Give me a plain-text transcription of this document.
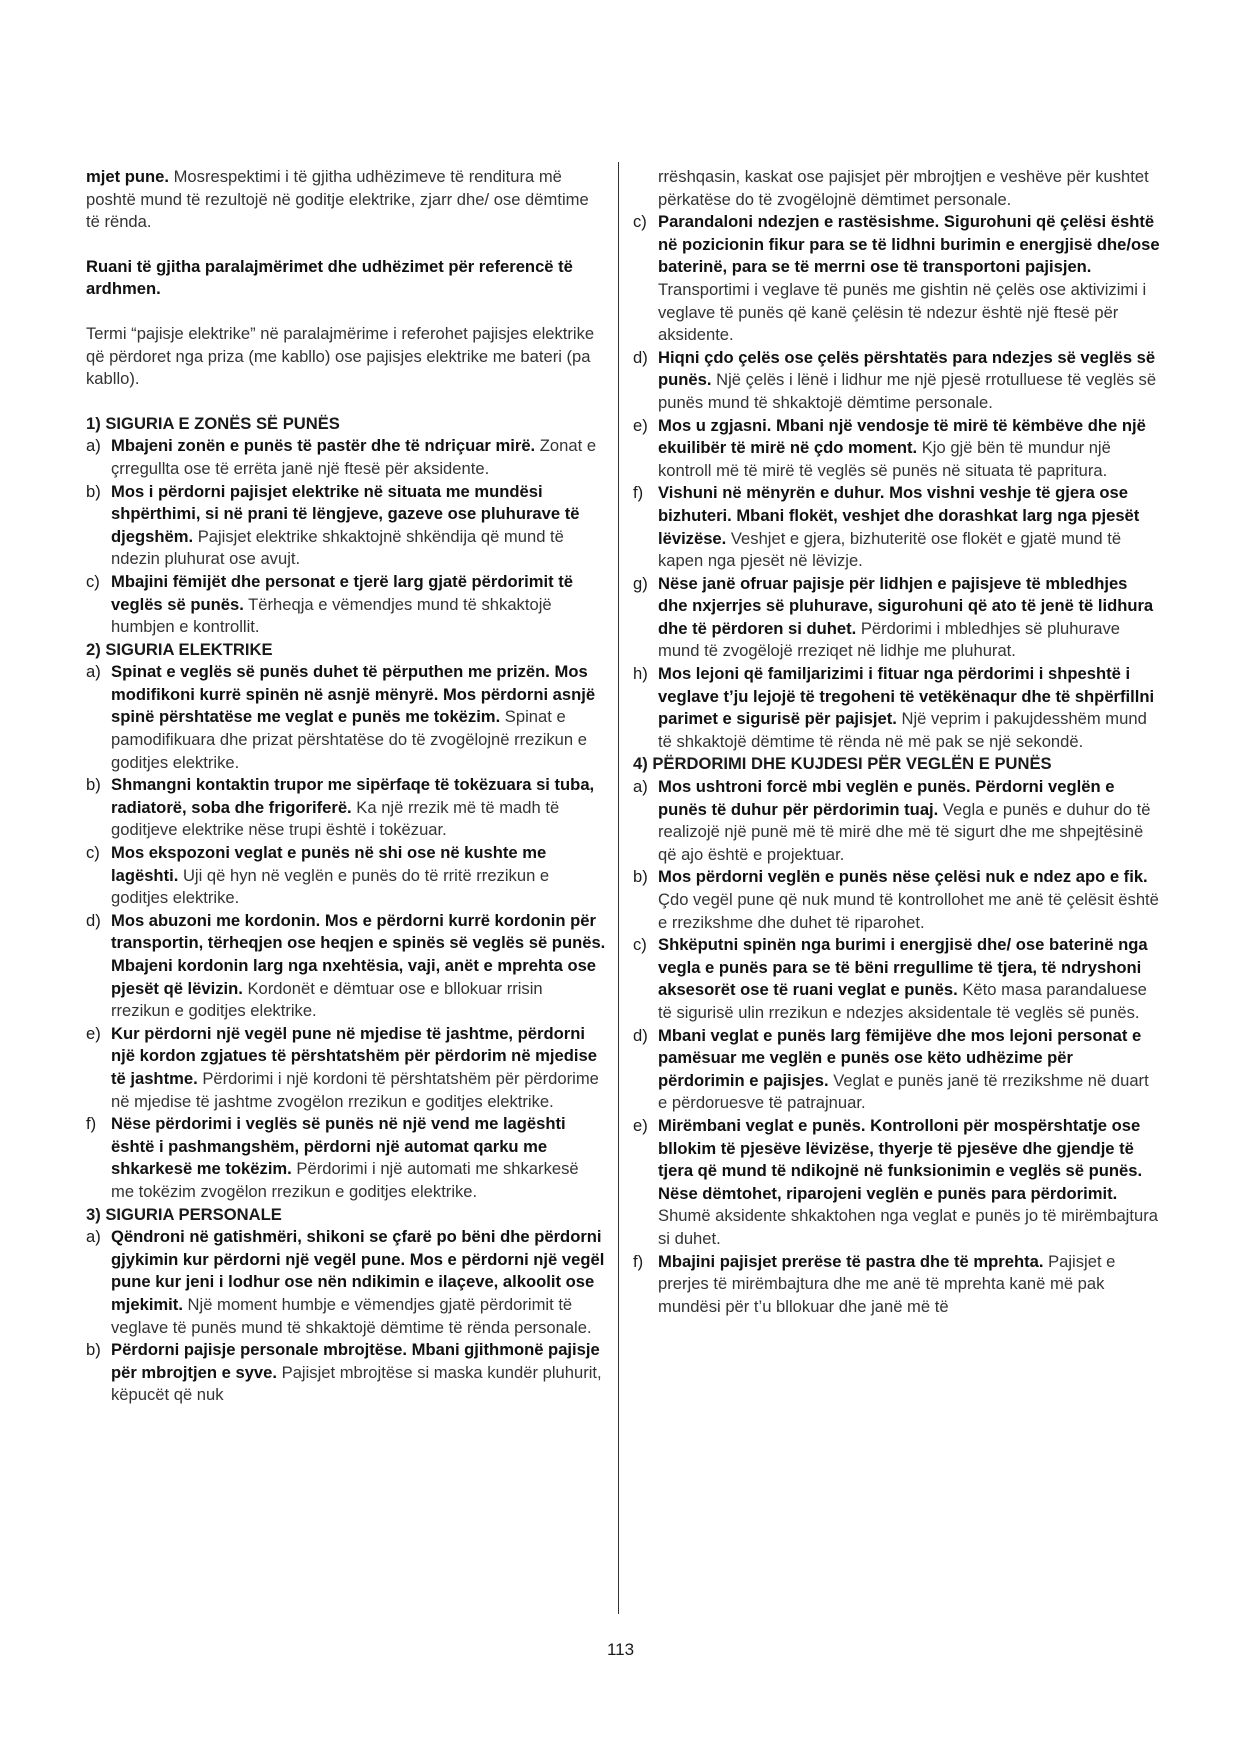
mjet pune. Mosrespektimi i të gjitha udhëzimeve të renditura më poshtë mund të rezultojë në goditje elektrike, zjarr dhe/ ose dëmtime të rënda.

Ruani të gjitha paralajmërimet dhe udhëzimet për referencë të ardhmen.

Termi “pajisje elektrike” në paralajmërime i referohet pajisjes elektrike që përdoret nga priza (me kabllo) ose pajisjes elektrike me bateri (pa kabllo).

1) SIGURIA E ZONËS SË PUNËS

a) Mbajeni zonën e punës të pastër dhe të ndriçuar mirë. Zonat e çrregullta ose të errëta janë një ftesë për aksidente.
b) Mos i përdorni pajisjet elektrike në situata me mundësi shpërthimi, si në prani të lëngjeve, gazeve ose pluhurave të djegshëm. Pajisjet elektrike shkaktojnë shkëndija që mund të ndezin pluhurat ose avujt.
c) Mbajini fëmijët dhe personat e tjerë larg gjatë përdorimit të veglës së punës. Tërheqja e vëmendjes mund të shkaktojë humbjen e kontrollit.

2) SIGURIA ELEKTRIKE

a) Spinat e veglës së punës duhet të përputhen me prizën. Mos modifikoni kurrë spinën në asnjë mënyrë. Mos përdorni asnjë spinë përshtatëse me veglat e punës me tokëzim. Spinat e pamodifikuara dhe prizat përshtatëse do të zvogëlojnë rrezikun e goditjes elektrike.
b) Shmangni kontaktin trupor me sipërfaqe të tokëzuara si tuba, radiatorë, soba dhe frigoriferë. Ka një rrezik më të madh të goditjeve elektrike nëse trupi është i tokëzuar.
c) Mos ekspozoni veglat e punës në shi ose në kushte me lagështi. Uji që hyn në veglën e punës do të rritë rrezikun e goditjes elektrike.
d) Mos abuzoni me kordonin. Mos e përdorni kurrë kordonin për transportin, tërheqjen ose heqjen e spinës së veglës së punës. Mbajeni kordonin larg nga nxehtësia, vaji, anët e mprehta ose pjesët që lëvizin. Kordonët e dëmtuar ose e bllokuar rrisin rrezikun e goditjes elektrike.
e) Kur përdorni një vegël pune në mjedise të jashtme, përdorni një kordon zgjatues të përshtatshëm për përdorim në mjedise të jashtme. Përdorimi i një kordoni të përshtatshëm për përdorime në mjedise të jashtme zvogëlon rrezikun e goditjes elektrike.
f) Nëse përdorimi i veglës së punës në një vend me lagështi është i pashmangshëm, përdorni një automat qarku me shkarkesë me tokëzim. Përdorimi i një automati me shkarkesë me tokëzim zvogëlon rrezikun e goditjes elektrike.

3) SIGURIA PERSONALE

a) Qëndroni në gatishmëri, shikoni se çfarë po bëni dhe përdorni gjykimin kur përdorni një vegël pune. Mos e përdorni një vegël pune kur jeni i lodhur ose nën ndikimin e ilaçeve, alkoolit ose mjekimit. Një moment humbje e vëmendjes gjatë përdorimit të veglave të punës mund të shkaktojë dëmtime të rënda personale.
b) Përdorni pajisje personale mbrojtëse. Mbani gjithmonë pajisje për mbrojtjen e syve. Pajisjet mbrojtëse si maska kundër pluhurit, këpucët që nuk
rrëshqasin, kaskat ose pajisjet për mbrojtjen e veshëve për kushtet përkatëse do të zvogëlojnë dëmtimet personale.
c) Parandaloni ndezjen e rastësishme. Sigurohuni që çelësi është në pozicionin fikur para se të lidhni burimin e energjisë dhe/ose baterinë, para se të merrni ose të transportoni pajisjen. Transportimi i veglave të punës me gishtin në çelës ose aktivizimi i veglave të punës që kanë çelësin të ndezur është një ftesë për aksidente.
d) Hiqni çdo çelës ose çelës përshtatës para ndezjes së veglës së punës. Një çelës i lënë i lidhur me një pjesë rrotulluese të veglës së punës mund të shkaktojë dëmtime personale.
e) Mos u zgjasni. Mbani një vendosje të mirë të këmbëve dhe një ekuilibër të mirë në çdo moment. Kjo gjë bën të mundur një kontroll më të mirë të veglës së punës në situata të papritura.
f) Vishuni në mënyrën e duhur. Mos vishni veshje të gjera ose bizhuteri. Mbani flokët, veshjet dhe dorashkat larg nga pjesët lëvizëse. Veshjet e gjera, bizhuteritë ose flokët e gjatë mund të kapen nga pjesët në lëvizje.
g) Nëse janë ofruar pajisje për lidhjen e pajisjeve të mbledhjes dhe nxjerrjes së pluhurave, sigurohuni që ato të jenë të lidhura dhe të përdoren si duhet. Përdorimi i mbledhjes së pluhurave mund të zvogëlojë rreziqet në lidhje me pluhurat.
h) Mos lejoni që familjarizimi i fituar nga përdorimi i shpeshtë i veglave t’ju lejojë të tregoheni të vetëkënaqur dhe të shpërfillni parimet e sigurisë për pajisjet. Një veprim i pakujdesshëm mund të shkaktojë dëmtime të rënda në më pak se një sekondë.

4) PËRDORIMI DHE KUJDESI PËR VEGLËN E PUNËS

a) Mos ushtroni forcë mbi veglën e punës. Përdorni veglën e punës të duhur për përdorimin tuaj. Vegla e punës e duhur do të realizojë një punë më të mirë dhe më të sigurt dhe me shpejtësinë që ajo është e projektuar.
b) Mos përdorni veglën e punës nëse çelësi nuk e ndez apo e fik. Çdo vegël pune që nuk mund të kontrollohet me anë të çelësit është e rrezikshme dhe duhet të riparohet.
c) Shkëputni spinën nga burimi i energjisë dhe/ ose baterinë nga vegla e punës para se të bëni rregullime të tjera, të ndryshoni aksesorët ose të ruani veglat e punës. Këto masa parandaluese të sigurisë ulin rrezikun e ndezjes aksidentale të veglës së punës.
d) Mbani veglat e punës larg fëmijëve dhe mos lejoni personat e pamësuar me veglën e punës ose këto udhëzime për përdorimin e pajisjes. Veglat e punës janë të rrezikshme në duart e përdoruesve të patrajnuar.
e) Mirëmbani veglat e punës. Kontrolloni për mospërshtatje ose bllokim të pjesëve lëvizëse, thyerje të pjesëve dhe gjendje të tjera që mund të ndikojnë në funksionimin e veglës së punës. Nëse dëmtohet, riparojeni veglën e punës para përdorimit. Shumë aksidente shkaktohen nga veglat e punës jo të mirëmbajtura si duhet.
f) Mbajini pajisjet prerëse të pastra dhe të mprehta. Pajisjet e prerjes të mirëmbajtura dhe me anë të mprehta kanë më pak mundësi për t’u bllokuar dhe janë më të
113
